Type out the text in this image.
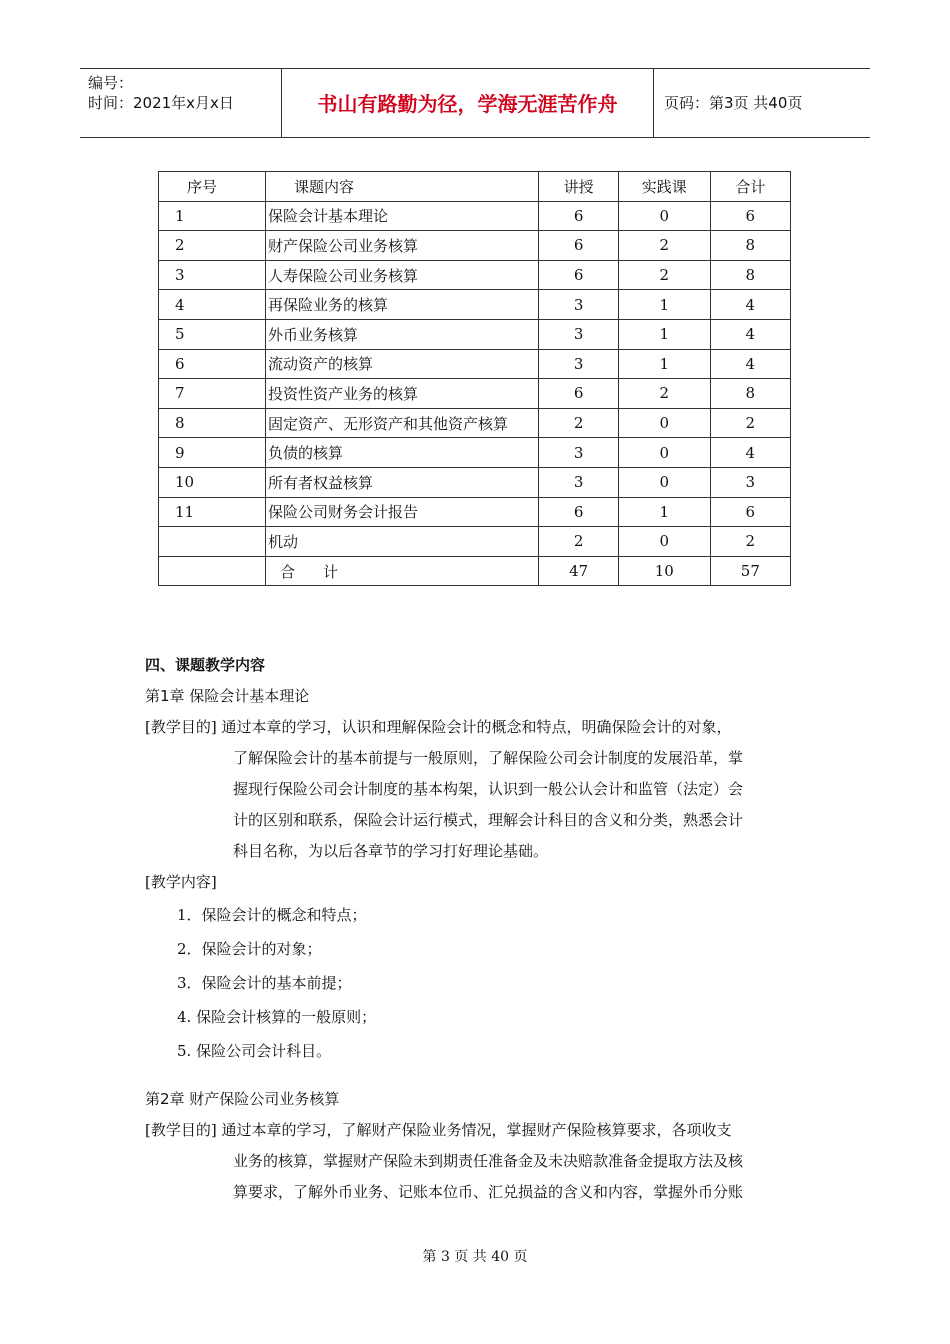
编号：
时间：2021年x月x日	书山有路勤为径，学海无涯苦作舟	页码：第3页 共40页
序号	课题内容	讲授	实践课	合计
1	保险会计基本理论	6	0	6
2	财产保险公司业务核算	6	2	8
3	人寿保险公司业务核算	6	2	8
4	再保险业务的核算	3	1	4
5	外币业务核算	3	1	4
6	流动资产的核算	3	1	4
7	投资性资产业务的核算	6	2	8
8	固定资产、无形资产和其他资产核算	2	0	2
9	负债的核算	3	0	4
10	所有者权益核算	3	0	3
11	保险公司财务会计报告	6	1	6
	机动	2	0	2
	合计	47	10	57
四、课题教学内容
第1章 保险会计基本理论
[教学目的] 通过本章的学习，认识和理解保险会计的概念和特点，明确保险会计的对象，
了解保险会计的基本前提与一般原则，了解保险公司会计制度的发展沿革，掌
握现行保险公司会计制度的基本构架，认识到一般公认会计和监管（法定）会
计的区别和联系，保险会计运行模式，理解会计科目的含义和分类，熟悉会计
科目名称，为以后各章节的学习打好理论基础。
[教学内容]
1．保险会计的概念和特点；
2．保险会计的对象；
3．保险会计的基本前提；
4. 保险会计核算的一般原则；
5. 保险公司会计科目。
第2章 财产保险公司业务核算
[教学目的] 通过本章的学习，了解财产保险业务情况，掌握财产保险核算要求，各项收支
业务的核算，掌握财产保险未到期责任准备金及未决赔款准备金提取方法及核
算要求，了解外币业务、记账本位币、汇兑损益的含义和内容，掌握外币分账
第 3 页 共 40 页
